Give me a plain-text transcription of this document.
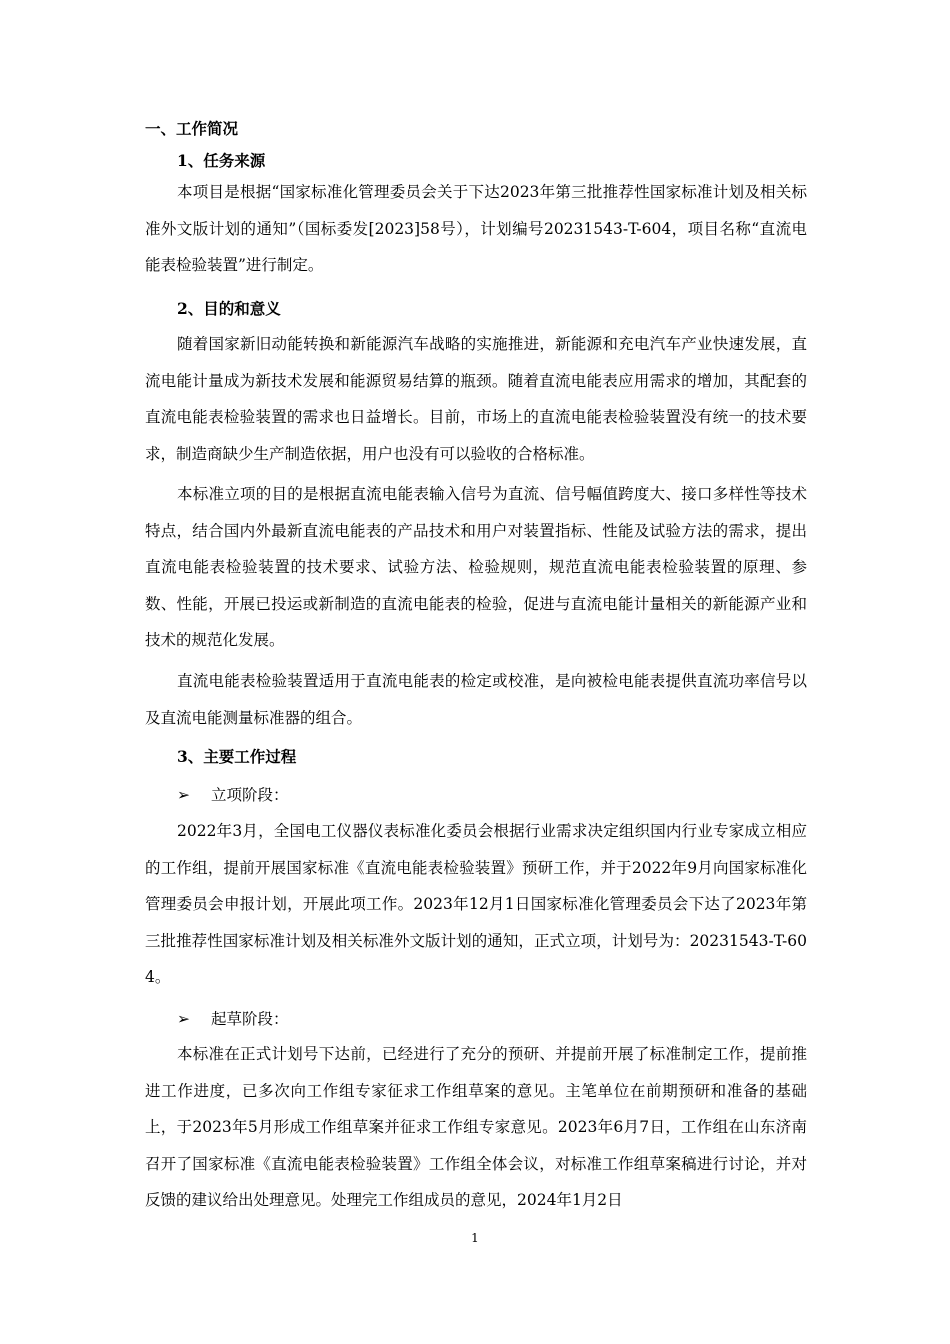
一、工作简况
1、任务来源

本项目是根据“国家标准化管理委员会关于下达2023年第三批推荐性国家标准计划及相关标准外文版计划的通知”（国标委发[2023]58号），计划编号20231543-T-604，项目名称“直流电能表检验装置”进行制定。

2、目的和意义

随着国家新旧动能转换和新能源汽车战略的实施推进，新能源和充电汽车产业快速发展，直流电能计量成为新技术发展和能源贸易结算的瓶颈。随着直流电能表应用需求的增加，其配套的直流电能表检验装置的需求也日益增长。目前，市场上的直流电能表检验装置没有统一的技术要求，制造商缺少生产制造依据，用户也没有可以验收的合格标准。

本标准立项的目的是根据直流电能表输入信号为直流、信号幅值跨度大、接口多样性等技术特点，结合国内外最新直流电能表的产品技术和用户对装置指标、性能及试验方法的需求，提出直流电能表检验装置的技术要求、试验方法、检验规则，规范直流电能表检验装置的原理、参数、性能，开展已投运或新制造的直流电能表的检验，促进与直流电能计量相关的新能源产业和技术的规范化发展。

直流电能表检验装置适用于直流电能表的检定或校准，是向被检电能表提供直流功率信号以及直流电能测量标准器的组合。

3、主要工作过程
➢ 立项阶段：

2022年3月，全国电工仪器仪表标准化委员会根据行业需求决定组织国内行业专家成立相应的工作组，提前开展国家标准《直流电能表检验装置》预研工作，并于2022年9月向国家标准化管理委员会申报计划，开展此项工作。2023年12月1日国家标准化管理委员会下达了2023年第三批推荐性国家标准计划及相关标准外文版计划的通知，正式立项，计划号为：20231543-T-604。

➢ 起草阶段：

本标准在正式计划号下达前，已经进行了充分的预研、并提前开展了标准制定工作，提前推进工作进度，已多次向工作组专家征求工作组草案的意见。主笔单位在前期预研和准备的基础上，于2023年5月形成工作组草案并征求工作组专家意见。2023年6月7日，工作组在山东济南召开了国家标准《直流电能表检验装置》工作组全体会议，对标准工作组草案稿进行讨论，并对反馈的建议给出处理意见。处理完工作组成员的意见，2024年1月2日

1
